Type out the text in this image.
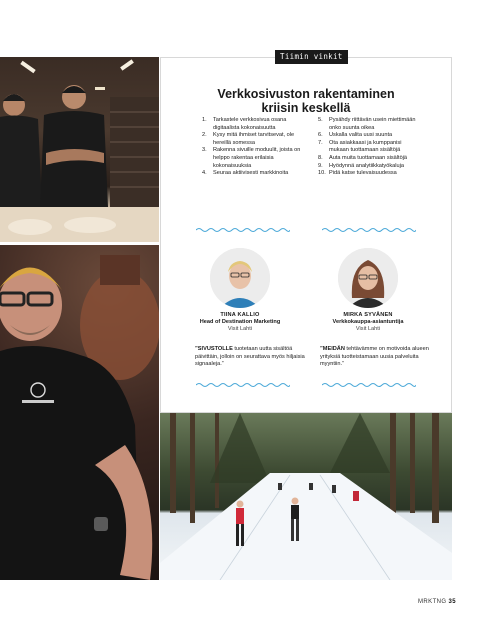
Tiimin vinkit
Verkkosivuston rakentaminen
kriisin keskellä
1.	Tarkastele verkkosivua osana digitaalista kokonaisuutta
2.	Kysy mitä ihmiset tarvitsevat, ole hereillä somessa
3.	Rakenna sivuille moduulit, joista on helppo rakentaa erilaisia kokonaisuuksia
4.	Seuraa aktiivisesti markkinoita
5.	Pysähdy riittävän usein miettimään onko suunta oikea
6.	Uskalla valita uusi suunta
7.	Ota asiakkaasi ja kumppanisi mukaan tuottamaan sisältöjä
8.	Auta muita tuottamaan sisältöjä
9.	Hyödynnä analytiikkatyökaluja
10. Pidä katse tulevaisuudessa
TIINA KALLIO
Head of Destination Marketing
Visit Lahti
MIRKA SYVÄNEN
Verkkokauppa-asiantuntija
Visit Lahti

”SIVUSTOLLE tuotetaan uutta sisältöä päivittäin, jolloin on seurattava myös hiljaisia signaaleja.”

”MEIDÄN tehtävämme on motivoida alueen yrityksiä tuotteistamaan uusia palveluita myyntiin.”

MRKTNG 35
